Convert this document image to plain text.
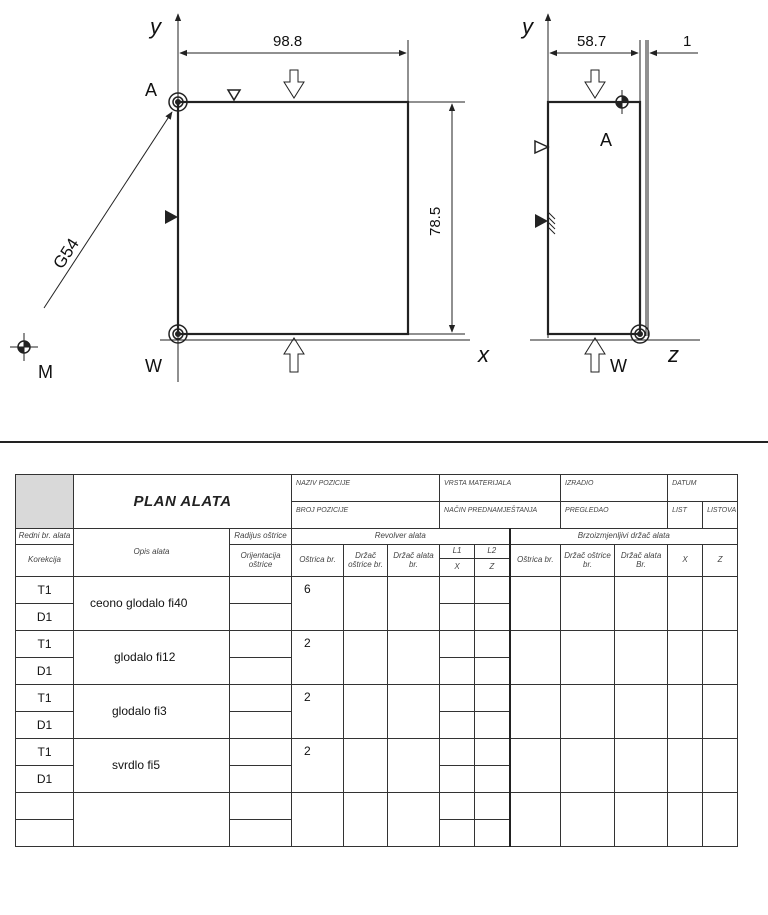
y
98.8
78.5
A
W
M
G54
x
y
58.7	1
A
W z
	PLAN ALATA		NAZIV POZICIJE			VRSTA MATERIJALA			IZRADIO		DATUM	
			BROJ POZICIJE			NAČIN PREDNAMJEŠTANJA			PREGLEDAO		LIST	LISTOVA
Redni br. alata	Opis alata	Radijus oštrice	Revolver alata					Brzoizmjenljivi držač alata				
Korekcija		Orijentacija oštrice	Oštrica br.	Držač oštrice br.	Držač alata br.	L1	L2	Oštrica br.	Držač oštrice br.	Držač alata Br.	X	Z
						X	Z					
T1	ceono glodalo fi40		6									
D1												
T1	glodalo fi12		2									
D1												
T1	glodalo fi3		2									
D1												
T1	svrdlo fi5		2									
D1												
